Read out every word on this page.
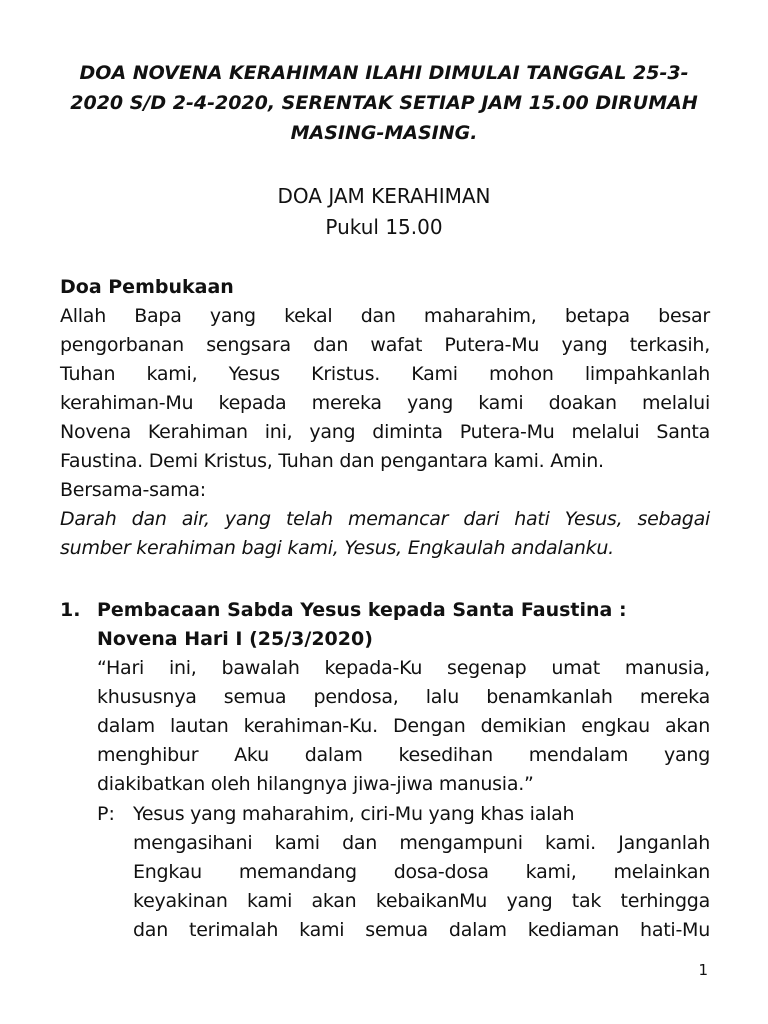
DOA NOVENA KERAHIMAN ILAHI DIMULAI TANGGAL 25-3-
2020 S/D 2-4-2020, SERENTAK SETIAP JAM 15.00 DIRUMAH
MASING-MASING.
DOA JAM KERAHIMAN
Pukul 15.00
Doa Pembukaan
Allah Bapa yang kekal dan maharahim, betapa besar
pengorbanan sengsara dan wafat Putera-Mu yang terkasih,
Tuhan kami, Yesus Kristus. Kami mohon limpahkanlah
kerahiman-Mu kepada mereka yang kami doakan melalui
Novena Kerahiman ini, yang diminta Putera-Mu melalui Santa
Faustina. Demi Kristus, Tuhan dan pengantara kami. Amin.
Bersama-sama:
Darah dan air, yang telah memancar dari hati Yesus, sebagai
sumber kerahiman bagi kami, Yesus, Engkaulah andalanku.
1. Pembacaan Sabda Yesus kepada Santa Faustina :
Novena Hari I (25/3/2020)
“Hari ini, bawalah kepada-Ku segenap umat manusia,
khususnya semua pendosa, lalu benamkanlah mereka
dalam lautan kerahiman-Ku. Dengan demikian engkau akan
menghibur Aku dalam kesedihan mendalam yang
diakibatkan oleh hilangnya jiwa-jiwa manusia.”
P: Yesus yang maharahim, ciri-Mu yang khas ialah
mengasihani kami dan mengampuni kami. Janganlah
Engkau memandang dosa-dosa kami, melainkan
keyakinan kami akan kebaikanMu yang tak terhingga
dan terimalah kami semua dalam kediaman hati-Mu
1
